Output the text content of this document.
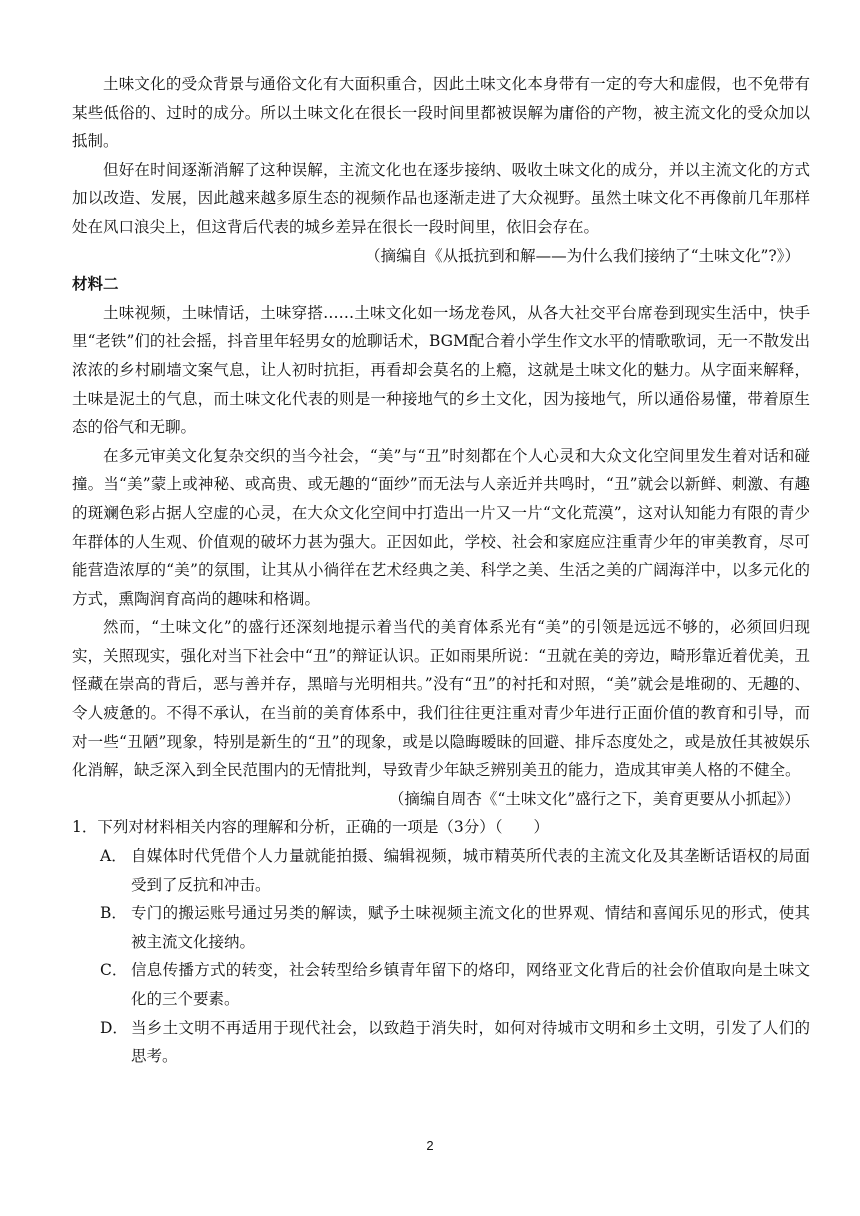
土味文化的受众背景与通俗文化有大面积重合，因此土味文化本身带有一定的夸大和虚假，也不免带有某些低俗的、过时的成分。所以土味文化在很长一段时间里都被误解为庸俗的产物，被主流文化的受众加以抵制。

但好在时间逐渐消解了这种误解，主流文化也在逐步接纳、吸收土味文化的成分，并以主流文化的方式加以改造、发展，因此越来越多原生态的视频作品也逐渐走进了大众视野。虽然土味文化不再像前几年那样处在风口浪尖上，但这背后代表的城乡差异在很长一段时间里，依旧会存在。

（摘编自《从抵抗到和解——为什么我们接纳了“土味文化”?》）

材料二

土味视频，土味情话，土味穿搭……土味文化如一场龙卷风，从各大社交平台席卷到现实生活中，快手里“老铁”们的社会摇，抖音里年轻男女的尬聊话术，BGM配合着小学生作文水平的情歌歌词，无一不散发出浓浓的乡村刷墙文案气息，让人初时抗拒，再看却会莫名的上瘾，这就是土味文化的魅力。从字面来解释，土味是泥土的气息，而土味文化代表的则是一种接地气的乡土文化，因为接地气，所以通俗易懂，带着原生态的俗气和无聊。

在多元审美文化复杂交织的当今社会，“美”与“丑”时刻都在个人心灵和大众文化空间里发生着对话和碰撞。当“美”蒙上或神秘、或高贵、或无趣的“面纱”而无法与人亲近并共鸣时，“丑”就会以新鲜、刺激、有趣的斑斓色彩占据人空虚的心灵，在大众文化空间中打造出一片又一片“文化荒漠”，这对认知能力有限的青少年群体的人生观、价值观的破坏力甚为强大。正因如此，学校、社会和家庭应注重青少年的审美教育，尽可能营造浓厚的“美”的氛围，让其从小徜徉在艺术经典之美、科学之美、生活之美的广阔海洋中，以多元化的方式，熏陶润育高尚的趣味和格调。

然而，“土味文化”的盛行还深刻地提示着当代的美育体系光有“美”的引领是远远不够的，必须回归现实，关照现实，强化对当下社会中“丑”的辩证认识。正如雨果所说：“丑就在美的旁边，畸形靠近着优美，丑怪藏在崇高的背后，恶与善并存，黑暗与光明相共。”没有“丑”的衬托和对照，“美”就会是堆砌的、无趣的、令人疲惫的。不得不承认，在当前的美育体系中，我们往往更注重对青少年进行正面价值的教育和引导，而对一些“丑陋”现象，特别是新生的“丑”的现象，或是以隐晦暧昧的回避、排斥态度处之，或是放任其被娱乐化消解，缺乏深入到全民范围内的无情批判，导致青少年缺乏辨别美丑的能力，造成其审美人格的不健全。

（摘编自周杏《“土味文化”盛行之下，美育更要从小抓起》）

1．下列对材料相关内容的理解和分析，正确的一项是（3分）（　　）

A． 自媒体时代凭借个人力量就能拍摄、编辑视频，城市精英所代表的主流文化及其垄断话语权的局面受到了反抗和冲击。
B． 专门的搬运账号通过另类的解读，赋予土味视频主流文化的世界观、情结和喜闻乐见的形式，使其被主流文化接纳。
C． 信息传播方式的转变，社会转型给乡镇青年留下的烙印，网络亚文化背后的社会价值取向是土味文化的三个要素。
D． 当乡土文明不再适用于现代社会，以致趋于消失时，如何对待城市文明和乡土文明，引发了人们的思考。
2
